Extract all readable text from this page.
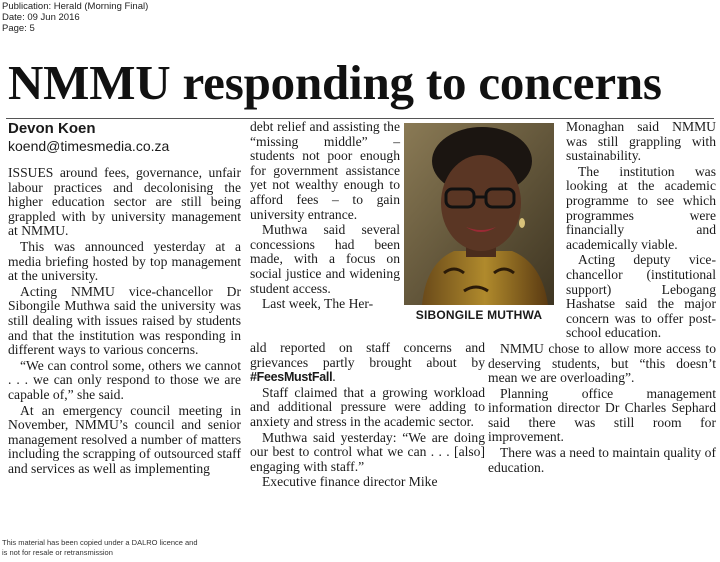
Publication: Herald (Morning Final)
Date: 09 Jun 2016
Page: 5
NMMU responding to concerns
Devon Koen
koend@timesmedia.co.za

ISSUES around fees, governance, unfair labour practices and decolonising the higher education sector are still being grappled with by university management at NMMU.

This was announced yesterday at a media briefing hosted by top management at the university.

Acting NMMU vice-chancellor Dr Sibongile Muthwa said the university was still dealing with issues raised by students and that the institution was responding in different ways to various concerns.

“We can control some, others we cannot . . . we can only respond to those we are capable of,” she said.

At an emergency council meeting in November, NMMU’s council and senior management resolved a number of matters including the scrapping of outsourced staff and services as well as implementing

debt relief and assisting the “missing middle” – students not poor enough for government assistance yet not wealthy enough to afford fees – to gain university entrance.

Muthwa said several concessions had been made, with a focus on social justice and widening student access.

Last week, The Her-

SIBONGILE MUTHWA

ald reported on staff concerns and grievances partly brought about by #FeesMustFall.

Staff claimed that a growing workload and additional pressure were adding to anxiety and stress in the academic sector.

Muthwa said yesterday: “We are doing our best to control what we can . . . [also] engaging with staff.”

Executive finance director Mike

Monaghan said NMMU was still grappling with sustainability.

The institution was looking at the academic programme to see which programmes were financially and academically viable.

Acting deputy vice-chancellor (institutional support) Lebogang Hashatse said the major concern was to offer post-school education.

NMMU chose to allow more access to deserving students, but “this doesn’t mean we are overloading”.

Planning office management information director Dr Charles Sephard said there was still room for improvement.

There was a need to maintain quality of education.

This material has been copied under a DALRO licence and
is not for resale or retransmission
